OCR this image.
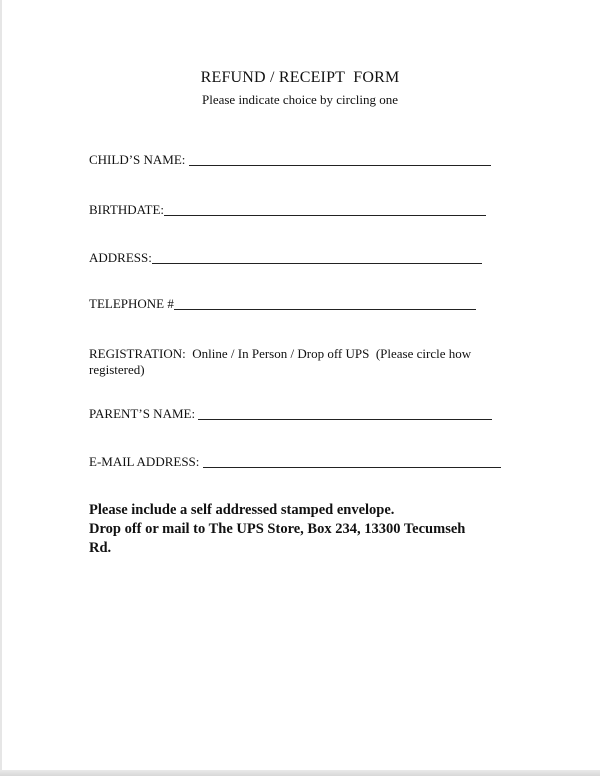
REFUND / RECEIPT  FORM
Please indicate choice by circling one
CHILD’S NAME:
BIRTHDATE:
ADDRESS:
TELEPHONE #
REGISTRATION:  Online / In Person / Drop off UPS  (Please circle how
registered)
PARENT’S NAME:
E-MAIL ADDRESS:
Please include a self addressed stamped envelope.
Drop off or mail to The UPS Store, Box 234, 13300 Tecumseh
Rd.
